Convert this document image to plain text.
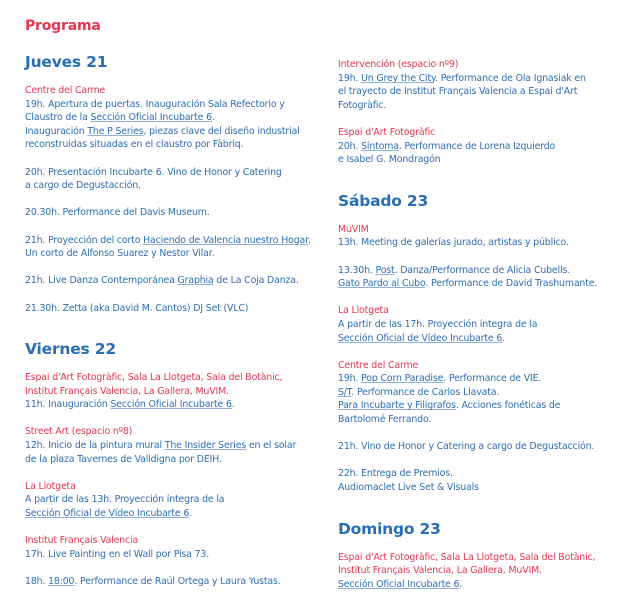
Programa
Jueves 21
Centre del Carme
19h. Apertura de puertas. Inauguración Sala Refectorio y
Claustro de la Sección Oficial Incubarte 6.
Inauguración The P Series, piezas clave del diseño industrial
reconstruidas situadas en el claustro por Fàbriq.
20h. Presentación Incubarte 6. Vino de Honor y Catering
a cargo de Degustacción.
20.30h. Performance del Davis Museum.
21h. Proyección del corto Haciendo de Valencia nuestro Hogar.
Un corto de Alfonso Suarez y Nestor Vilar.
21h. Live Danza Contemporánea Graphia de La Coja Danza.
21.30h. Zetta (aka David M. Cantos) DJ Set (VLC)
Viernes 22
Espai d'Art Fotogràfic, Sala La Llotgeta, Sala del Botànic,
Institut Français Valencia, La Gallera, MuVIM.
11h. Inauguración Sección Oficial Incubarte 6.
Street Art (espacio nº8)
12h. Inicio de la pintura mural The Insider Series en el solar
de la plaza Tavernes de Valldigna por DEIH.
La Llotgeta
A partir de las 13h. Proyección íntegra de la
Sección Oficial de Vídeo Incubarte 6.
Institut Français Valencia
17h. Live Painting en el Wall por Pisa 73.
18h. 18:00. Performance de Raúl Ortega y Laura Yustas.
Intervención (espacio nº9)
19h. Un Grey the City. Performance de Ola Ignasiak en
el trayecto de Institut Français Valencia a Espai d'Art
Fotogràfic.
Espai d'Art Fotogràfic
20h. Síntoma. Performance de Lorena Izquierdo
e Isabel G. Mondragón
Sábado 23
MuVIM
13h. Meeting de galerías jurado, artistas y público.
13.30h. Post. Danza/Performance de Alicia Cubells.
Gato Pardo al Cubo. Performance de David Trashumante.
La Llotgeta
A partir de las 17h. Proyección íntegra de la
Sección Oficial de Vídeo Incubarte 6.
Centre del Carme
19h. Pop Corn Paradise. Performance de VIE.
S/T. Performance de Carlos Llavata.
Para Incubarte y Filigrafos. Acciones fonéticas de
Bartolomé Ferrando.
21h. Vino de Honor y Catering a cargo de Degustacción.
22h. Entrega de Premios.
Audiomaclet Live Set & Visuals
Domingo 23
Espai d'Art Fotogràfic, Sala La Llotgeta, Sala del Botànic,
Institut Français Valencia, La Gallera, MuVIM.
Sección Oficial Incubarte 6.
